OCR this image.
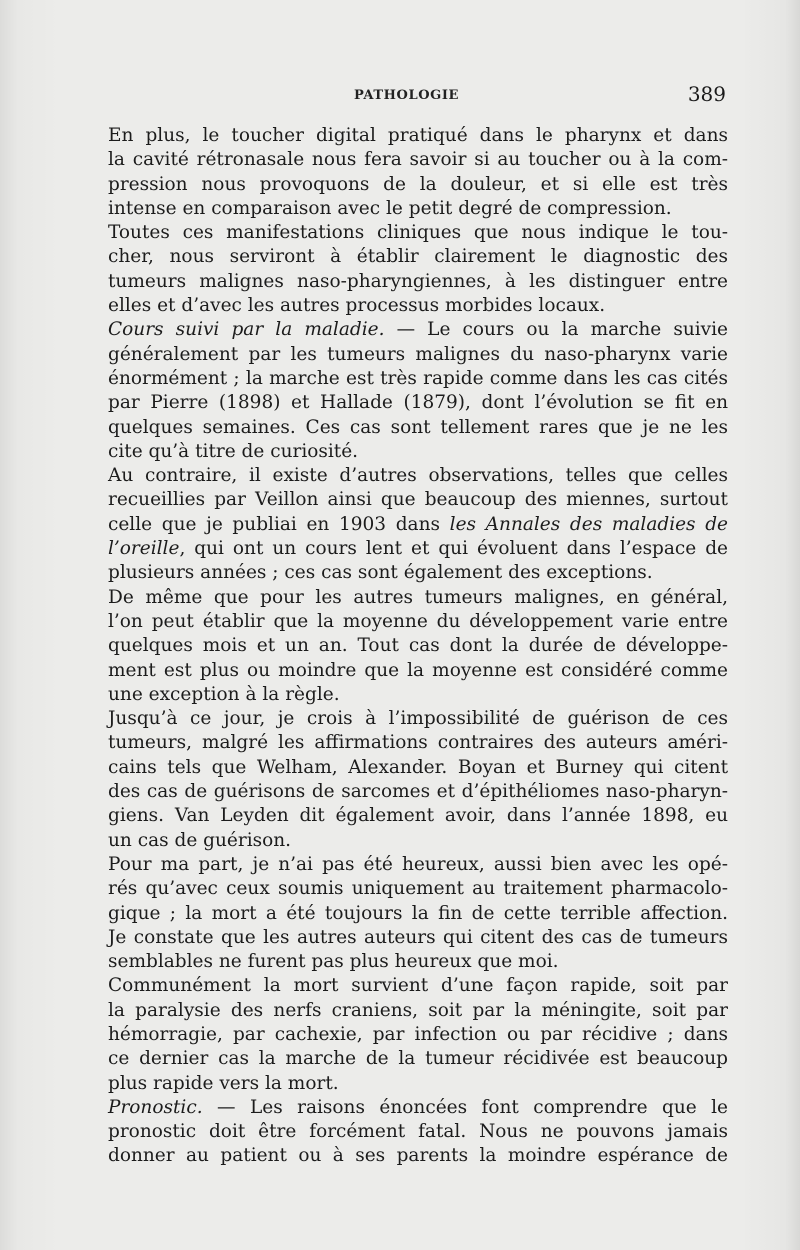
PATHOLOGIE	389
En plus, le toucher digital pratiqué dans le pharynx et dans
la cavité rétronasale nous fera savoir si au toucher ou à la com-
pression nous provoquons de la douleur, et si elle est très
intense en comparaison avec le petit degré de compression.
Toutes ces manifestations cliniques que nous indique le tou-
cher, nous serviront à établir clairement le diagnostic des
tumeurs malignes naso-pharyngiennes, à les distinguer entre
elles et d’avec les autres processus morbides locaux.
Cours suivi par la maladie. — Le cours ou la marche suivie
généralement par les tumeurs malignes du naso-pharynx varie
énormément ; la marche est très rapide comme dans les cas cités
par Pierre (1898) et Hallade (1879), dont l’évolution se fit en
quelques semaines. Ces cas sont tellement rares que je ne les
cite qu’à titre de curiosité.
Au contraire, il existe d’autres observations, telles que celles
recueillies par Veillon ainsi que beaucoup des miennes, surtout
celle que je publiai en 1903 dans les Annales des maladies de
l’oreille, qui ont un cours lent et qui évoluent dans l’espace de
plusieurs années ; ces cas sont également des exceptions.
De même que pour les autres tumeurs malignes, en général,
l’on peut établir que la moyenne du développement varie entre
quelques mois et un an. Tout cas dont la durée de développe-
ment est plus ou moindre que la moyenne est considéré comme
une exception à la règle.
Jusqu’à ce jour, je crois à l’impossibilité de guérison de ces
tumeurs, malgré les affirmations contraires des auteurs améri-
cains tels que Welham, Alexander. Boyan et Burney qui citent
des cas de guérisons de sarcomes et d’épithéliomes naso-pharyn-
giens. Van Leyden dit également avoir, dans l’année 1898, eu
un cas de guérison.
Pour ma part, je n’ai pas été heureux, aussi bien avec les opé-
rés qu’avec ceux soumis uniquement au traitement pharmacolo-
gique ; la mort a été toujours la fin de cette terrible affection.
Je constate que les autres auteurs qui citent des cas de tumeurs
semblables ne furent pas plus heureux que moi.
Communément la mort survient d’une façon rapide, soit par
la paralysie des nerfs craniens, soit par la méningite, soit par
hémorragie, par cachexie, par infection ou par récidive ; dans
ce dernier cas la marche de la tumeur récidivée est beaucoup
plus rapide vers la mort.
Pronostic. — Les raisons énoncées font comprendre que le
pronostic doit être forcément fatal. Nous ne pouvons jamais
donner au patient ou à ses parents la moindre espérance de
